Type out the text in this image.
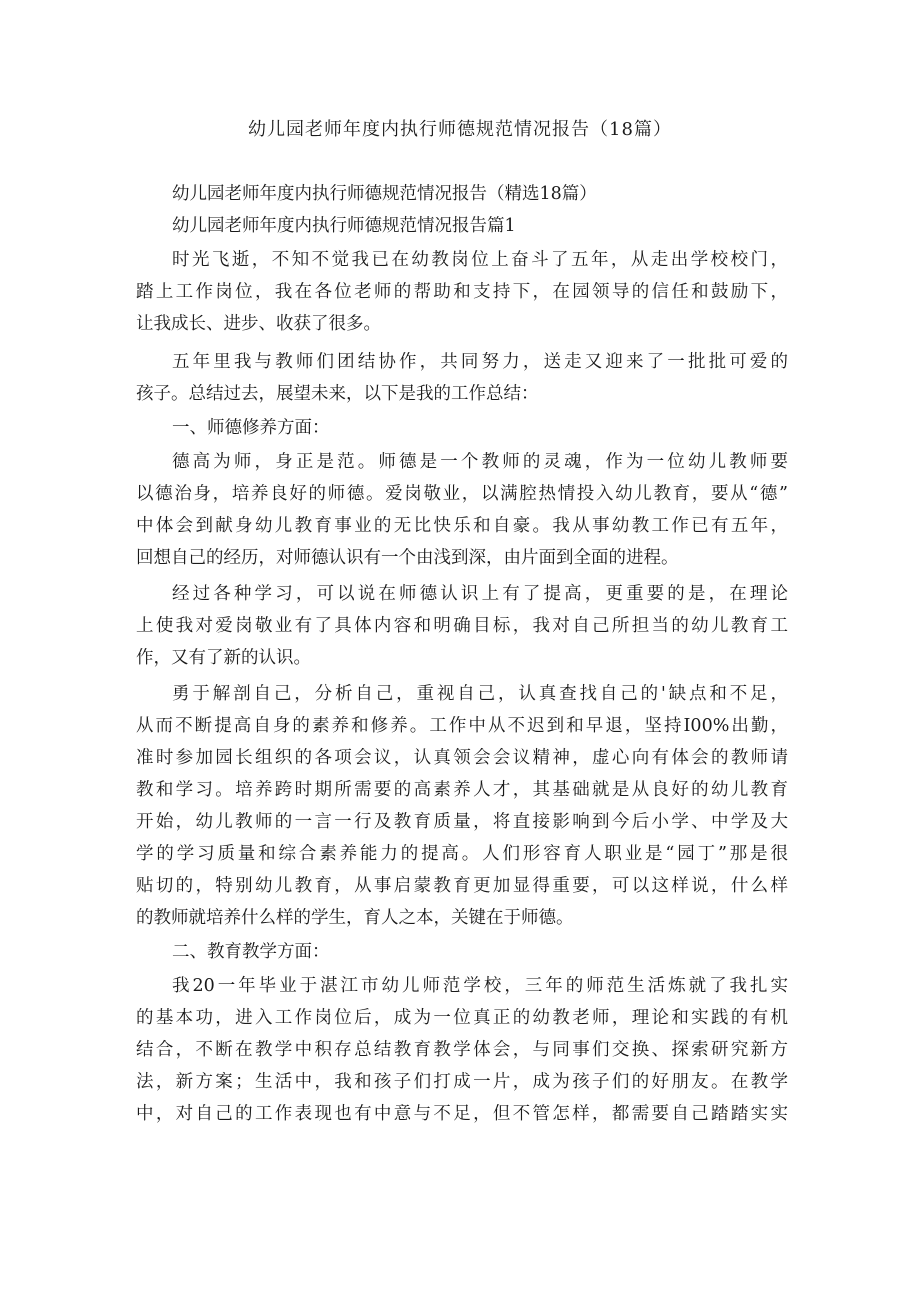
幼儿园老师年度内执行师德规范情况报告（18篇）
幼儿园老师年度内执行师德规范情况报告（精选18篇）
幼儿园老师年度内执行师德规范情况报告篇1
时光飞逝，不知不觉我已在幼教岗位上奋斗了五年，从走出学校校门，
踏上工作岗位，我在各位老师的帮助和支持下，在园领导的信任和鼓励下，
让我成长、进步、收获了很多。
五年里我与教师们团结协作，共同努力，送走又迎来了一批批可爱的
孩子。总结过去，展望未来，以下是我的工作总结：
一、师德修养方面：
德高为师，身正是范。师德是一个教师的灵魂，作为一位幼儿教师要
以德治身，培养良好的师德。爱岗敬业，以满腔热情投入幼儿教育，要从“德”
中体会到献身幼儿教育事业的无比快乐和自豪。我从事幼教工作已有五年，
回想自己的经历，对师德认识有一个由浅到深，由片面到全面的进程。
经过各种学习，可以说在师德认识上有了提高，更重要的是，在理论
上使我对爱岗敬业有了具体内容和明确目标，我对自己所担当的幼儿教育工
作，又有了新的认识。
勇于解剖自己，分析自己，重视自己，认真查找自己的'缺点和不足，
从而不断提高自身的素养和修养。工作中从不迟到和早退，坚持I00%出勤，
准时参加园长组织的各项会议，认真领会会议精神，虚心向有体会的教师请
教和学习。培养跨时期所需要的高素养人才，其基础就是从良好的幼儿教育
开始，幼儿教师的一言一行及教育质量，将直接影响到今后小学、中学及大
学的学习质量和综合素养能力的提高。人们形容育人职业是“园丁”那是很
贴切的，特别幼儿教育，从事启蒙教育更加显得重要，可以这样说，什么样
的教师就培养什么样的学生，育人之本，关键在于师德。
二、教育教学方面：
我20一年毕业于湛江市幼儿师范学校，三年的师范生活炼就了我扎实
的基本功，进入工作岗位后，成为一位真正的幼教老师，理论和实践的有机
结合，不断在教学中积存总结教育教学体会，与同事们交换、探索研究新方
法，新方案；生活中，我和孩子们打成一片，成为孩子们的好朋友。在教学
中，对自己的工作表现也有中意与不足，但不管怎样，都需要自己踏踏实实
